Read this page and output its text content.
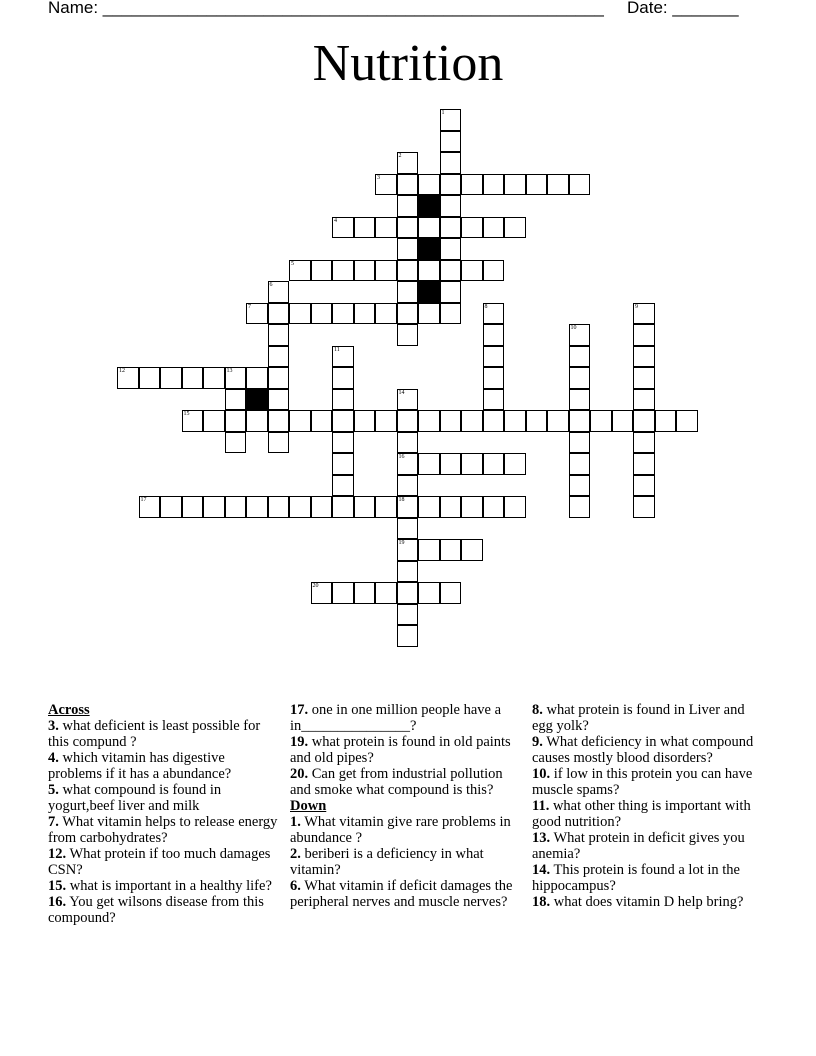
Name: _____________________________________________________ Date: _______
Nutrition
1
2
3
4
5
6
7	8	9
10
11
12	13
14
16
18
19
15
17
20
Across

3. what deficient is least possible for this compund ?

4. which vitamin has digestive problems if it has a abundance?

5. what compound is found in yogurt,beef liver and milk

7. What vitamin helps to release energy from carbohydrates?

12. What protein if too much damages CSN?

15. what is important in a healthy life?

16. You get wilsons disease from this compound?

17. one in one million people have a in_______________?

19. what protein is found in old paints and old pipes?

20. Can get from industrial pollution and smoke what compound is this?

Down

1. What vitamin give rare problems in abundance ?

2. beriberi is a deficiency in what vitamin?

6. What vitamin if deficit damages the peripheral nerves and muscle nerves?

8. what protein is found in Liver and egg yolk?

9. What deficiency in what compound causes mostly blood disorders?

10. if low in this protein you can have muscle spams?

11. what other thing is important with good nutrition?

13. What protein in deficit gives you anemia?

14. This protein is found a lot in the hippocampus?

18. what does vitamin D help bring?
